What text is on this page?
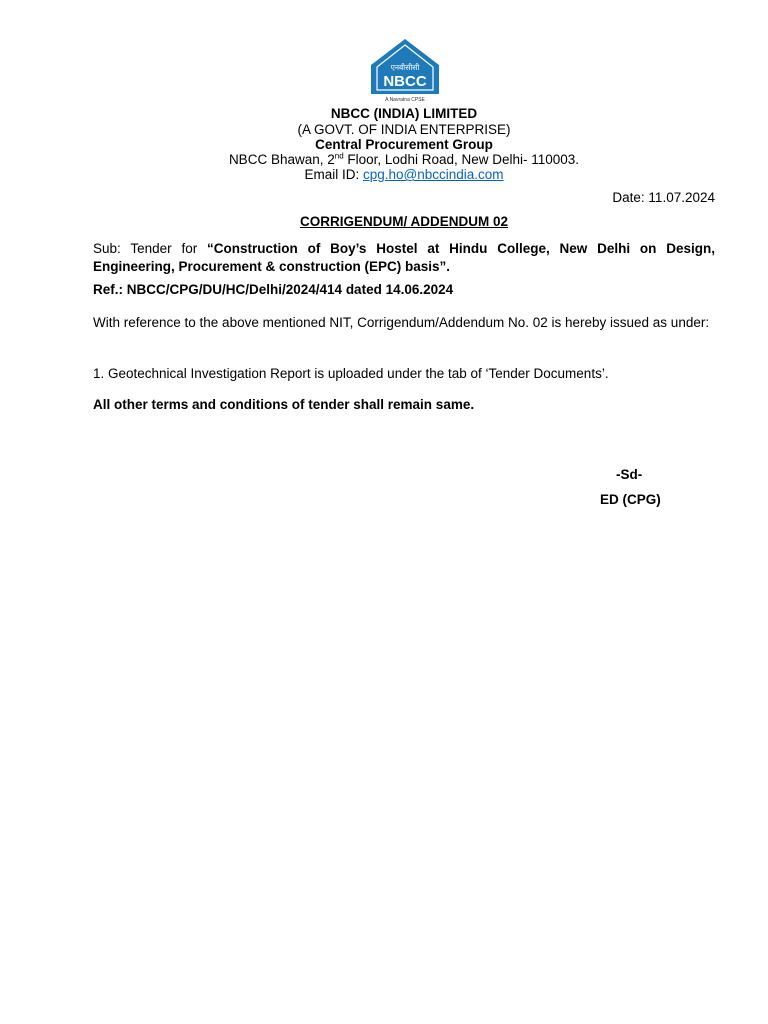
एनबीसीसी
NBCC
A Navratna CPSE
NBCC (INDIA) LIMITED
(A GOVT. OF INDIA ENTERPRISE)
Central Procurement Group
NBCC Bhawan, 2nd Floor, Lodhi Road, New Delhi- 110003.
Email ID: cpg.ho@nbccindia.com
Date: 11.07.2024
CORRIGENDUM/ ADDENDUM 02
Sub: Tender for “Construction of Boy’s Hostel at Hindu College, New Delhi on Design, Engineering, Procurement & construction (EPC) basis”.
Ref.: NBCC/CPG/DU/HC/Delhi/2024/414 dated 14.06.2024
With reference to the above mentioned NIT, Corrigendum/Addendum No. 02 is hereby issued as under:
1. Geotechnical Investigation Report is uploaded under the tab of ‘Tender Documents’.
All other terms and conditions of tender shall remain same.
-Sd-
ED (CPG)
